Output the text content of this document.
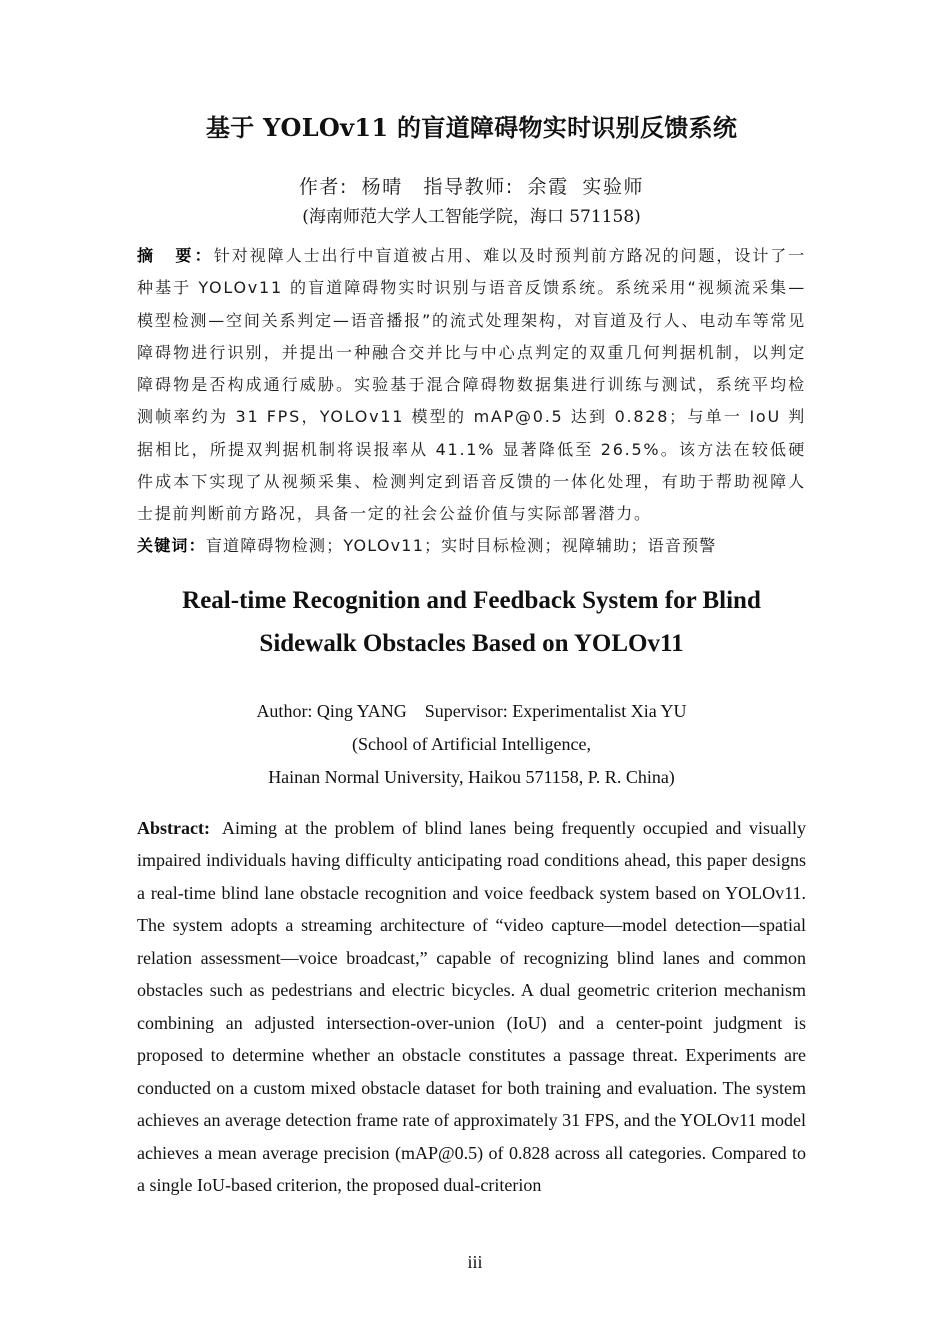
基于 YOLOv11 的盲道障碍物实时识别反馈系统
作者: 杨晴　指导教师: 余霞 实验师
(海南师范大学人工智能学院，海口 571158)
摘　要：针对视障人士出行中盲道被占用、难以及时预判前方路况的问题，设计了一种基于 YOLOv11 的盲道障碍物实时识别与语音反馈系统。系统采用“视频流采集—模型检测—空间关系判定—语音播报”的流式处理架构，对盲道及行人、电动车等常见障碍物进行识别，并提出一种融合交并比与中心点判定的双重几何判据机制，以判定障碍物是否构成通行威胁。实验基于混合障碍物数据集进行训练与测试，系统平均检测帧率约为 31 FPS，YOLOv11 模型的 mAP@0.5 达到 0.828；与单一 IoU 判据相比，所提双判据机制将误报率从 41.1% 显著降低至 26.5%。该方法在较低硬件成本下实现了从视频采集、检测判定到语音反馈的一体化处理，有助于帮助视障人士提前判断前方路况，具备一定的社会公益价值与实际部署潜力。
关键词：盲道障碍物检测；YOLOv11；实时目标检测；视障辅助；语音预警
Real-time Recognition and Feedback System for Blind
Sidewalk Obstacles Based on YOLOv11
Author: Qing YANG Supervisor: Experimentalist Xia YU
(School of Artificial Intelligence,
Hainan Normal University, Haikou 571158, P. R. China)
Abstract: Aiming at the problem of blind lanes being frequently occupied and visually impaired individuals having difficulty anticipating road conditions ahead, this paper designs a real-time blind lane obstacle recognition and voice feedback system based on YOLOv11. The system adopts a streaming architecture of “video capture—model detection—spatial relation assessment—voice broadcast,” capable of recognizing blind lanes and common obstacles such as pedestrians and electric bicycles. A dual geometric criterion mechanism combining an adjusted intersection-over-union (IoU) and a center-point judgment is proposed to determine whether an obstacle constitutes a passage threat. Experiments are conducted on a custom mixed obstacle dataset for both training and evaluation. The system achieves an average detection frame rate of approximately 31 FPS, and the YOLOv11 model achieves a mean average precision (mAP@0.5) of 0.828 across all categories. Compared to a single IoU-based criterion, the proposed dual-criterion
iii
